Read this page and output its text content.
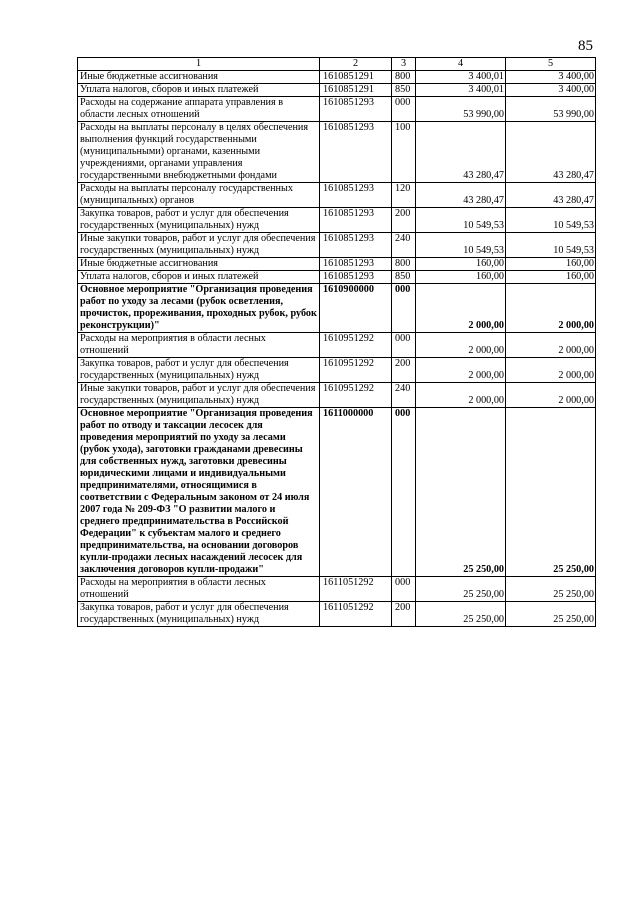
85
1	2	3	4	5
Иные бюджетные ассигнования	1610851291	800	3 400,01	3 400,00
Уплата налогов, сборов и иных платежей	1610851291	850	3 400,01	3 400,00
Расходы на содержание аппарата управления в области лесных отношений	1610851293	000	53 990,00	53 990,00
Расходы на выплаты персоналу в целях обеспечения выполнения функций государственными (муниципальными) органами, казенными учреждениями, органами управления государственными внебюджетными фондами	1610851293	100	43 280,47	43 280,47
Расходы на выплаты персоналу государственных (муниципальных) органов	1610851293	120	43 280,47	43 280,47
Закупка товаров, работ и услуг для обеспечения государственных (муниципальных) нужд	1610851293	200	10 549,53	10 549,53
Иные закупки товаров, работ и услуг для обеспечения государственных (муниципальных) нужд	1610851293	240	10 549,53	10 549,53
Иные бюджетные ассигнования	1610851293	800	160,00	160,00
Уплата налогов, сборов и иных платежей	1610851293	850	160,00	160,00
Основное мероприятие "Организация проведения работ по уходу за лесами (рубок осветления, прочисток, прореживания, проходных рубок, рубок реконструкции)"	1610900000	000	2 000,00	2 000,00
Расходы на мероприятия в области лесных отношений	1610951292	000	2 000,00	2 000,00
Закупка товаров, работ и услуг для обеспечения государственных (муниципальных) нужд	1610951292	200	2 000,00	2 000,00
Иные закупки товаров, работ и услуг для обеспечения государственных (муниципальных) нужд	1610951292	240	2 000,00	2 000,00
Основное мероприятие "Организация проведения работ по отводу и таксации лесосек для проведения мероприятий по уходу за лесами (рубок ухода), заготовки гражданами древесины для собственных нужд, заготовки древесины юридическими лицами и индивидуальными предпринимателями, относящимися в соответствии с Федеральным законом от 24 июля 2007 года № 209-ФЗ "О развитии малого и среднего предпринимательства в Российской Федерации" к субъектам малого и среднего предпринимательства, на основании договоров купли-продажи лесных насаждений лесосек для заключения договоров купли-продажи"	1611000000	000	25 250,00	25 250,00
Расходы на мероприятия в области лесных отношений	1611051292	000	25 250,00	25 250,00
Закупка товаров, работ и услуг для обеспечения государственных (муниципальных) нужд	1611051292	200	25 250,00	25 250,00
